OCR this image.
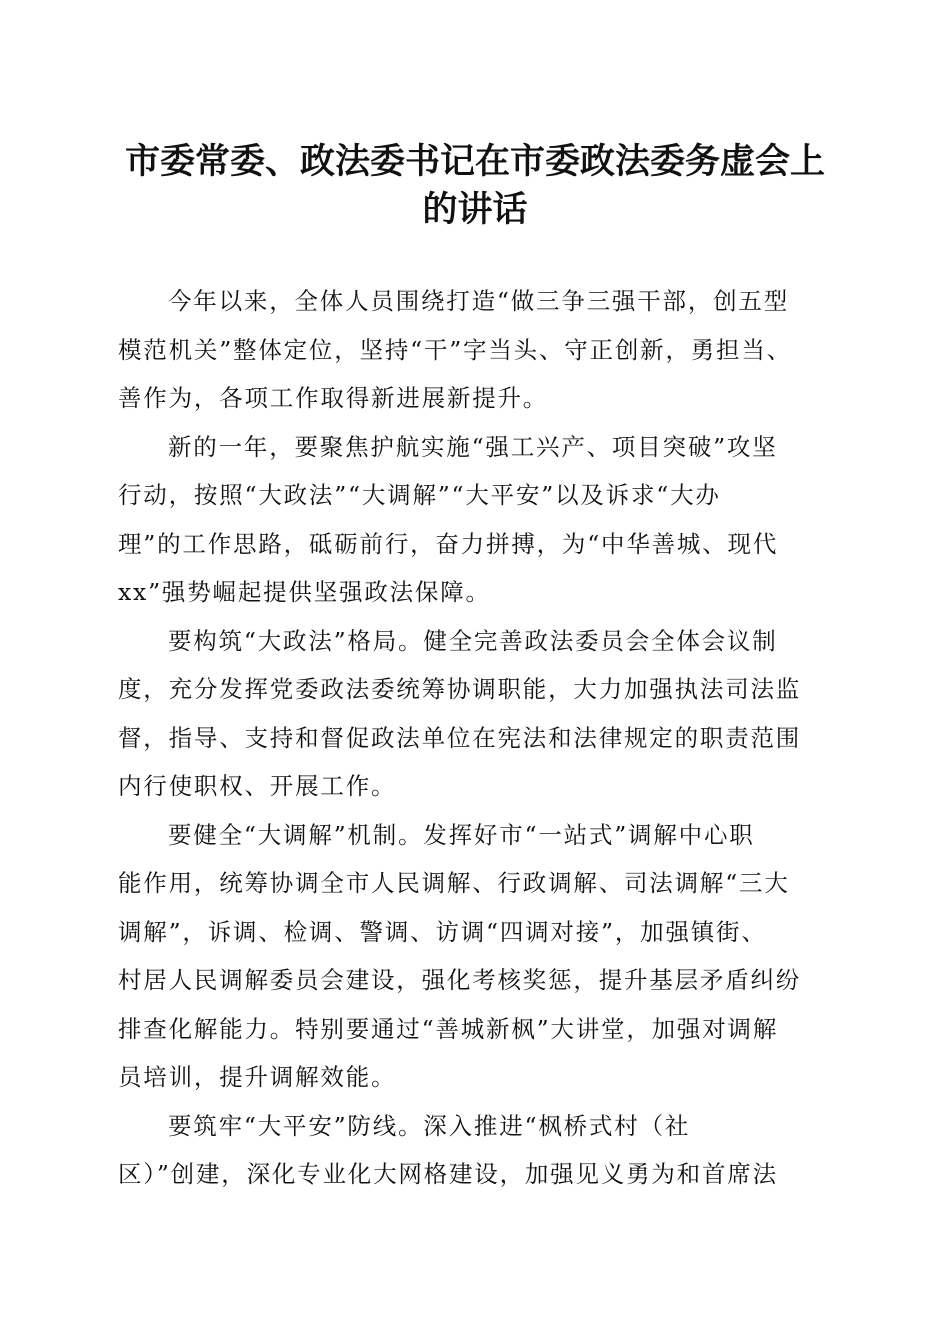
市委常委、政法委书记在市委政法委务虚会上
的讲话

今年以来，全体人员围绕打造“做三争三强干部，创五型
模范机关”整体定位，坚持“干”字当头、守正创新，勇担当、
善作为，各项工作取得新进展新提升。

新的一年，要聚焦护航实施“强工兴产、项目突破”攻坚
行动，按照“大政法”“大调解”“大平安”以及诉求“大办
理”的工作思路，砥砺前行，奋力拼搏，为“中华善城、现代
xx”强势崛起提供坚强政法保障。

要构筑“大政法”格局。健全完善政法委员会全体会议制
度，充分发挥党委政法委统筹协调职能，大力加强执法司法监
督，指导、支持和督促政法单位在宪法和法律规定的职责范围
内行使职权、开展工作。

要健全“大调解”机制。发挥好市“一站式”调解中心职
能作用，统筹协调全市人民调解、行政调解、司法调解“三大
调解”，诉调、检调、警调、访调“四调对接”，加强镇街、
村居人民调解委员会建设，强化考核奖惩，提升基层矛盾纠纷
排查化解能力。特别要通过“善城新枫”大讲堂，加强对调解
员培训，提升调解效能。

要筑牢“大平安”防线。深入推进“枫桥式村（社
区）”创建，深化专业化大网格建设，加强见义勇为和首席法
